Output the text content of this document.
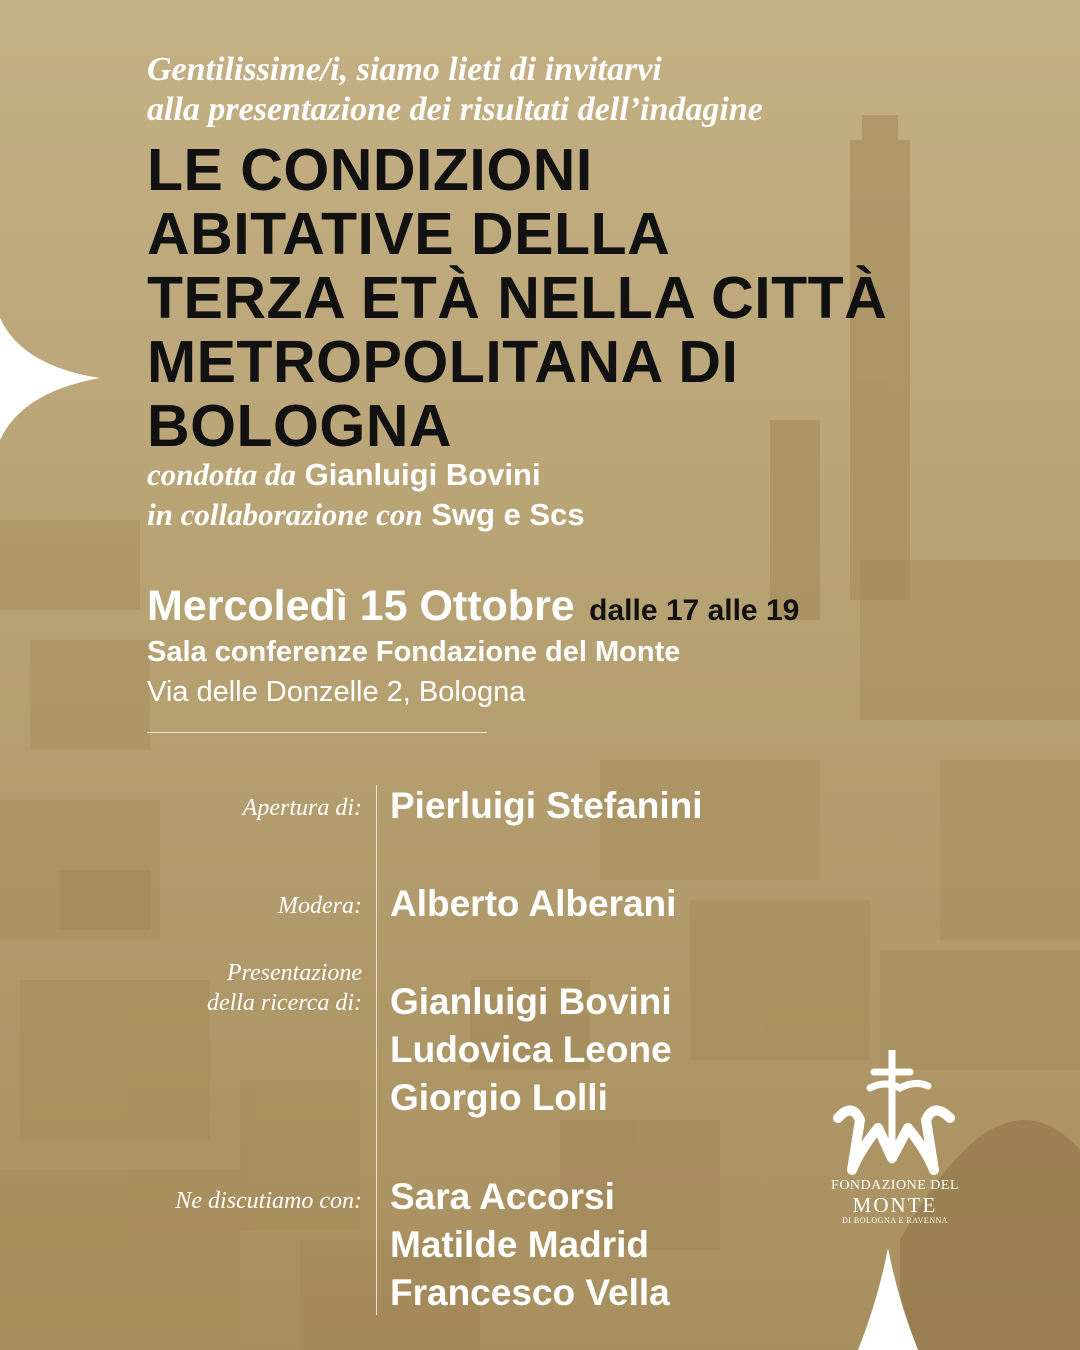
Gentilissime/i, siamo lieti di invitarvi
alla presentazione dei risultati dell’indagine
LE CONDIZIONI
ABITATIVE DELLA
TERZA ETÀ NELLA CITTÀ
METROPOLITANA DI
BOLOGNA
condotta da Gianluigi Bovini
in collaborazione con Swg e Scs
Mercoledì 15 Ottobre dalle 17 alle 19
Sala conferenze Fondazione del Monte
Via delle Donzelle 2, Bologna
Apertura di: Pierluigi Stefanini
Moderа: Alberto Alberani
Presentazione
della ricerca di: Gianluigi Bovini
Ludovica Leone
Giorgio Lolli
Ne discutiamo con: Sara Accorsi
Matilde Madrid
Francesco Vella
FONDAZIONE DEL
MONTE
DI BOLOGNA E RAVENNA
